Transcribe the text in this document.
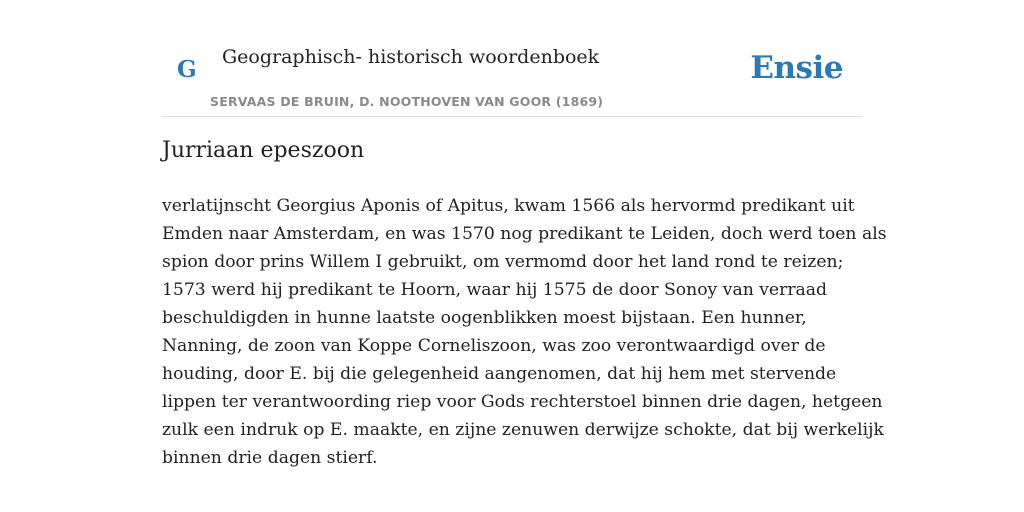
G Geographisch- historisch woordenboek
SERVAAS DE BRUIN, D. NOOTHOVEN VAN GOOR (1869)
Ensie
Jurriaan epeszoon

verlatijnscht Georgius Aponis of Apitus, kwam 1566 als hervormd predikant uit
Emden naar Amsterdam, en was 1570 nog predikant te Leiden, doch werd toen als
spion door prins Willem I gebruikt, om vermomd door het land rond te reizen;
1573 werd hij predikant te Hoorn, waar hij 1575 de door Sonoy van verraad
beschuldigden in hunne laatste oogenblikken moest bijstaan. Een hunner,
Nanning, de zoon van Koppe Corneliszoon, was zoo verontwaardigd over de
houding, door E. bij die gelegenheid aangenomen, dat hij hem met stervende
lippen ter verantwoording riep voor Gods rechterstoel binnen drie dagen, hetgeen
zulk een indruk op E. maakte, en zijne zenuwen derwijze schokte, dat bij werkelijk
binnen drie dagen stierf.
